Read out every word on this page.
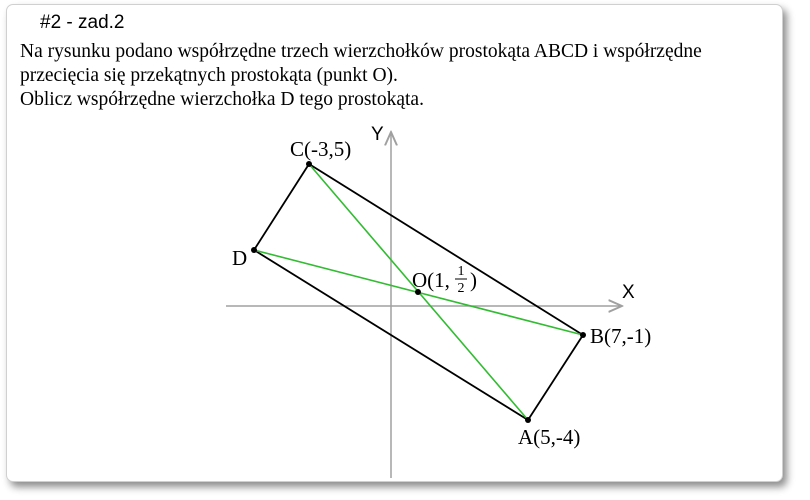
#2 - zad.2
Na rysunku podano współrzędne trzech wierzchołków prostokąta ABCD i współrzędne
przecięcia się przekątnych prostokąta (punkt O).
Oblicz współrzędne wierzchołka D tego prostokąta.
X
Y
A(5,-4)
B(7,-1)
C(-3,5)
D
O(1, 1
2 )
